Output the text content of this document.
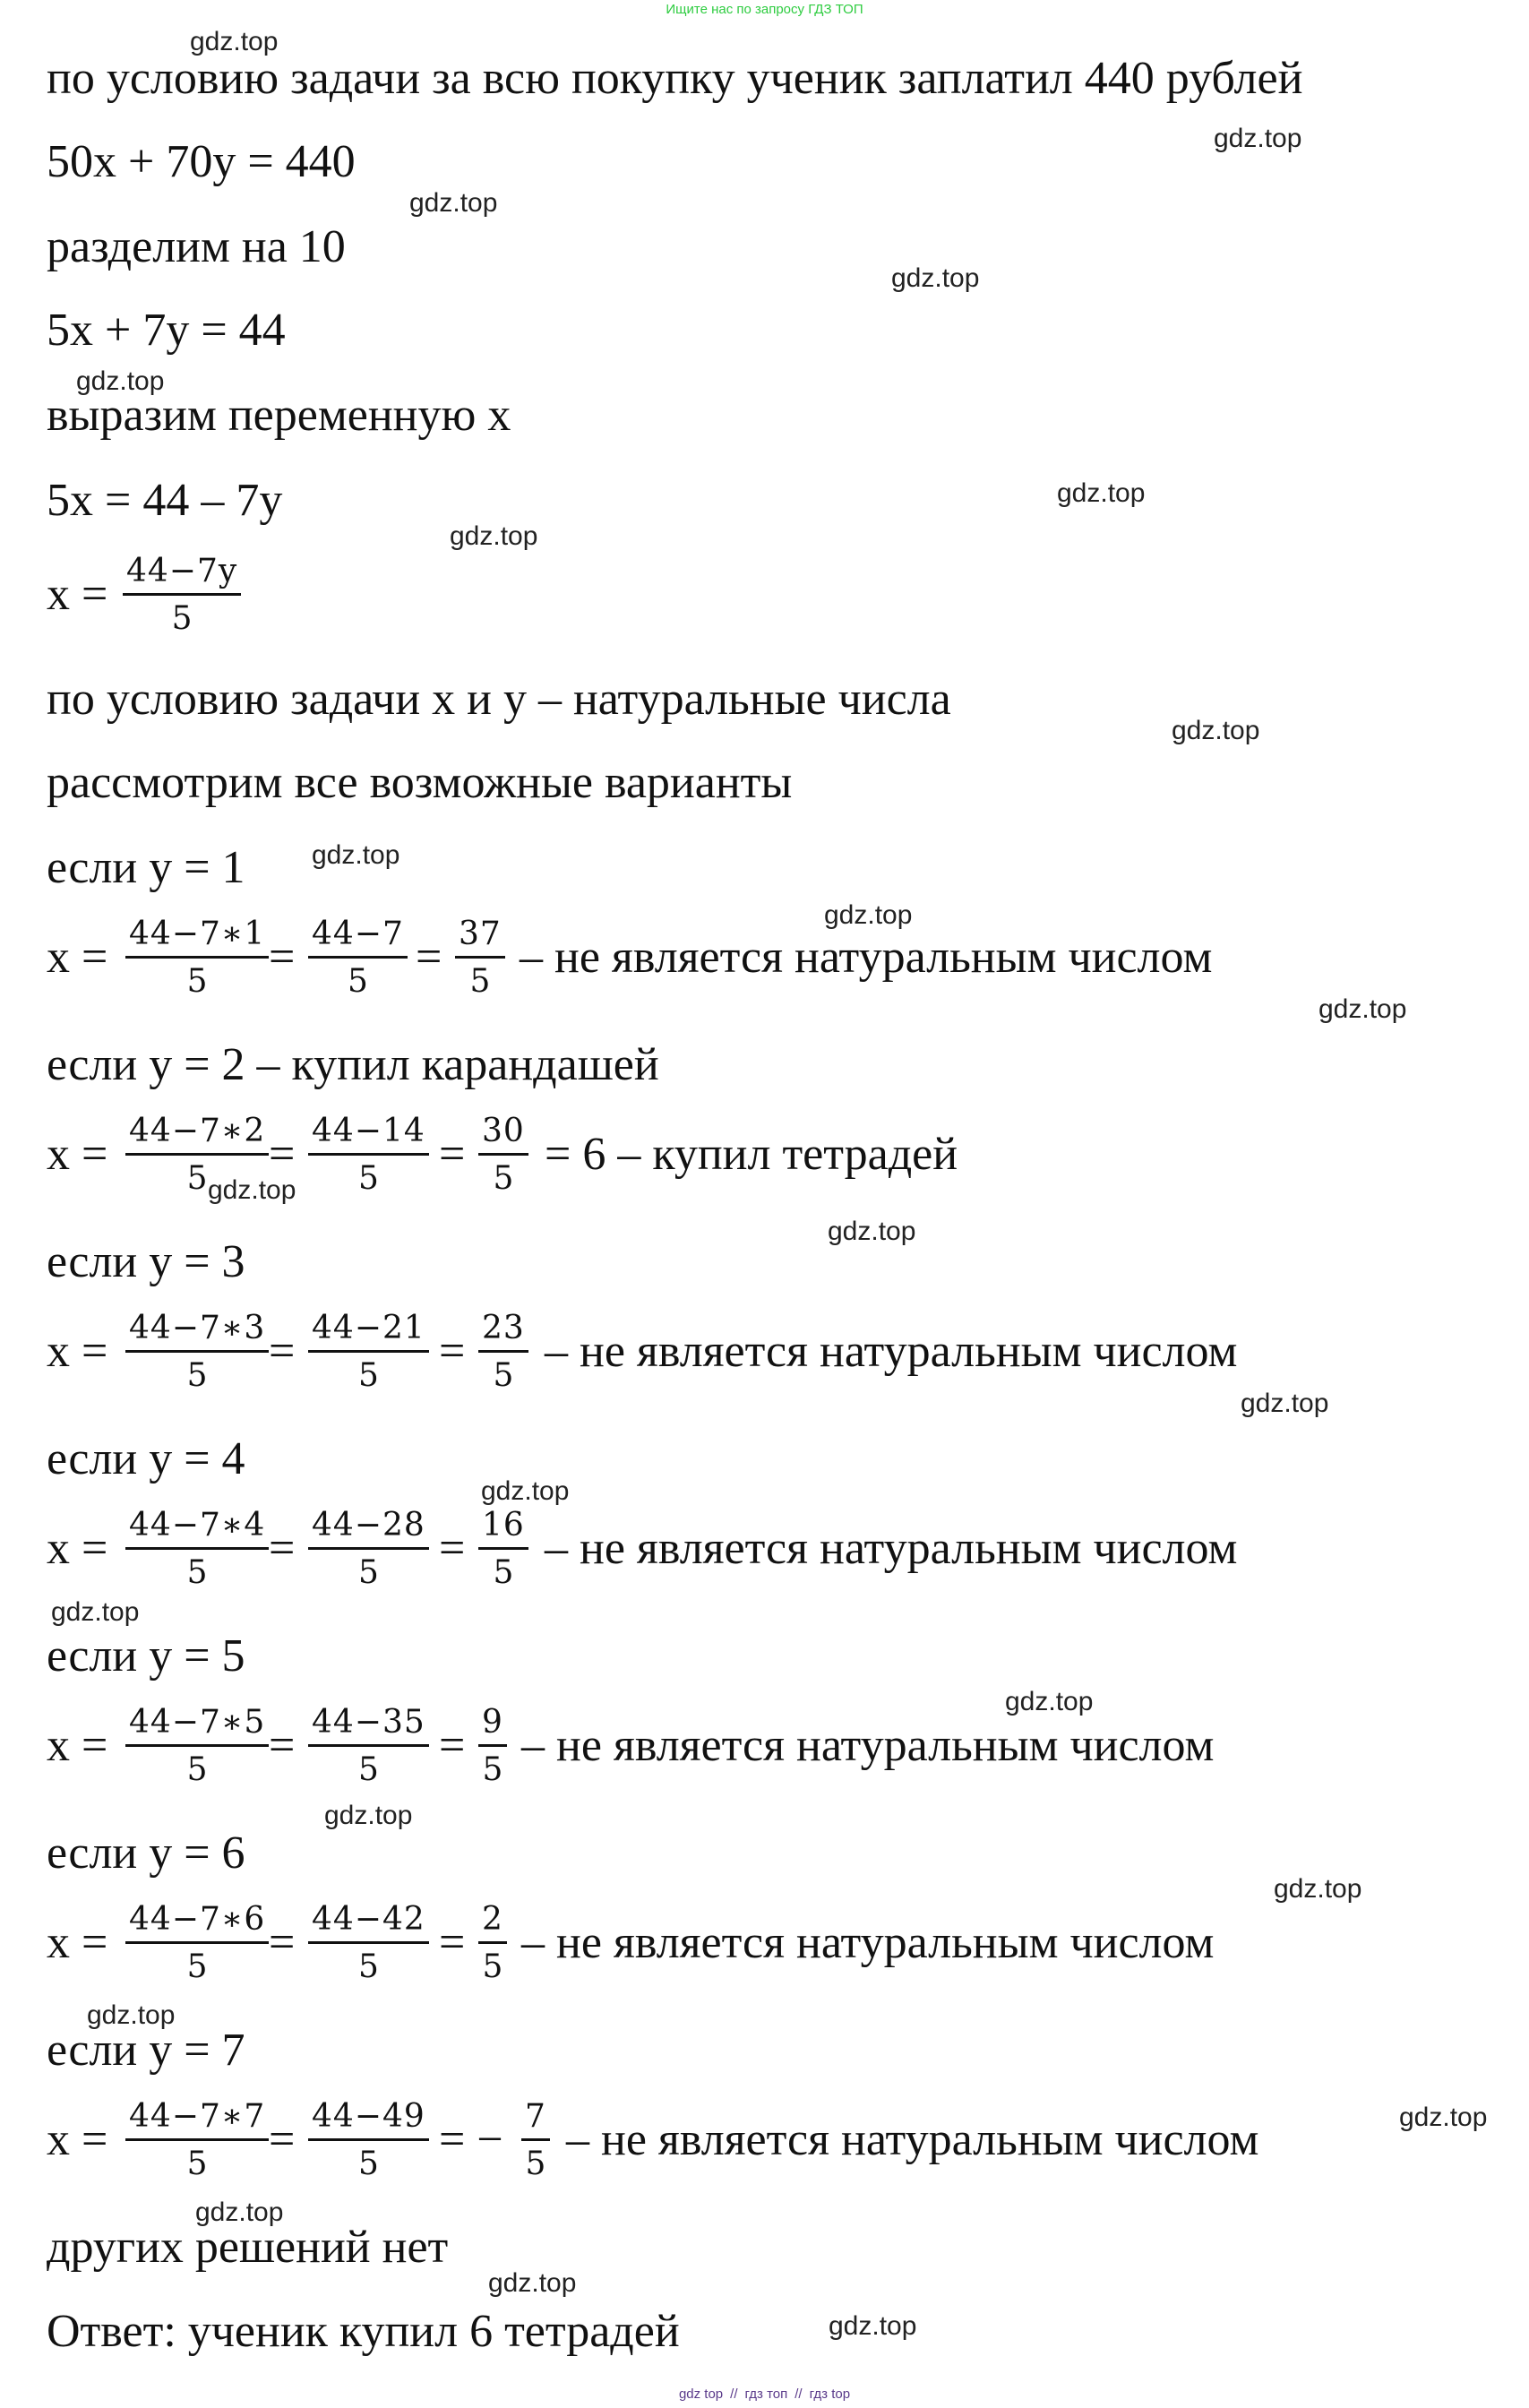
Ищите нас по запросу ГДЗ ТОП
по условию задачи за всю покупку ученик заплатил 440 рублей
50x + 70y = 440
разделим на 10
5x + 7y = 44
выразим переменную x
5x = 44 – 7y
$x = \frac{44-7y}{5}$
по условию задачи x и y – натуральные числа
рассмотрим все возможные варианты
если y = 1
$x = \frac{44-7∗1}{5} = \frac{44-7}{5} = \frac{37}{5}$ – не является натуральным числом
если y = 2 – купил карандашей
$x = \frac{44-7∗2}{5} = \frac{44-14}{5} = \frac{30}{5} = 6$ – купил тетрадей
если y = 3
$x = \frac{44-7∗3}{5} = \frac{44-21}{5} = \frac{23}{5}$ – не является натуральным числом
если y = 4
$x = \frac{44-7∗4}{5} = \frac{44-28}{5} = \frac{16}{5}$ – не является натуральным числом
если y = 5
$x = \frac{44-7∗5}{5} = \frac{44-35}{5} = \frac{9}{5}$ – не является натуральным числом
если y = 6
$x = \frac{44-7∗6}{5} = \frac{44-42}{5} = \frac{2}{5}$ – не является натуральным числом
если y = 7
$x = \frac{44-7∗7}{5} = \frac{44-49}{5}$ = − $\frac{7}{5}$ – не является натуральным числом
других решений нет
Ответ: ученик купил 6 тетрадей
gdz.top
gdz.top
gdz.top
gdz.top
gdz.top
gdz.top
gdz.top
gdz.top
gdz.top
gdz.top
gdz.top
gdz.top
gdz.top
gdz.top
gdz.top
gdz.top
gdz.top
gdz.top
gdz.top
gdz.top
gdz.top
gdz.top
gdz.top
gdz.top
gdz top // гдз топ // гдз top
